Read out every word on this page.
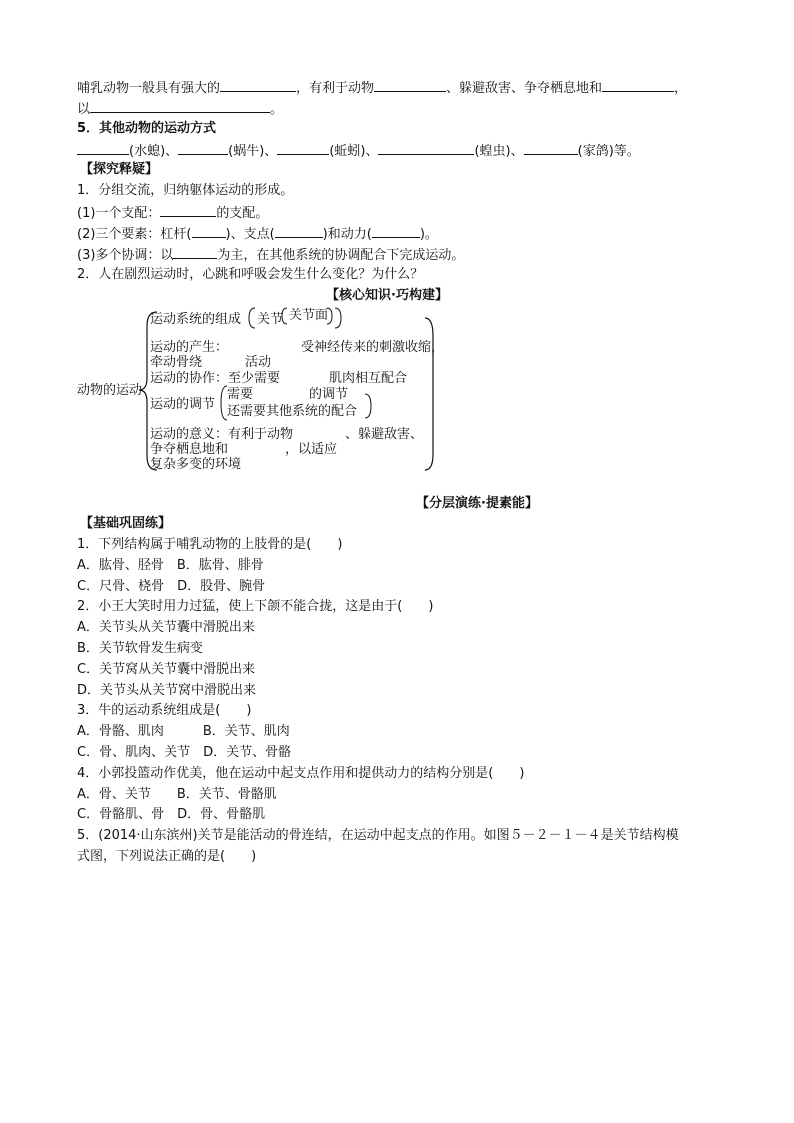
哺乳动物一般具有强大的	，有利于动物	、躲避敌害、争夺栖息地和	，
以	。
5．其他动物的运动方式
(水螅)、	(蜗牛)、	(蚯蚓)、	(蝗虫)、	(家鸽)等。
【探究释疑】
1．分组交流，归纳躯体运动的形成。
(1)一个支配：	的支配。
(2)三个要素：杠杆(	)、支点(	)和动力(	)。
(3)多个协调：以	为主，在其他系统的协调配合下完成运动。
2．人在剧烈运动时，心跳和呼吸会发生什么变化？为什么？
【核心知识·巧构建】
动物的运动
运动系统的组成 关节 关节面
运动的产生：	受神经传来的刺激收缩，
牵动骨绕	活动
运动的协作：至少需要	肌肉相互配合
运动的调节
需要	的调节
还需要其他系统的配合
运动的意义：有利于动物	、躲避敌害、
争夺栖息地和	，以适应
复杂多变的环境
【分层演练·提素能】
【基础巩固练】
1．下列结构属于哺乳动物的上肢骨的是(　　)
A．肱骨、胫骨　B．肱骨、腓骨
C．尺骨、桡骨　D．股骨、腕骨
2．小王大笑时用力过猛，使上下颌不能合拢，这是由于(　　)
A．关节头从关节囊中滑脱出来
B．关节软骨发生病变
C．关节窝从关节囊中滑脱出来
D．关节头从关节窝中滑脱出来
3．牛的运动系统组成是(　　)
A．骨骼、肌肉　　　B．关节、肌肉
C．骨、肌肉、关节　D．关节、骨骼
4．小郭投篮动作优美，他在运动中起支点作用和提供动力的结构分别是(　　)
A．骨、关节　　B．关节、骨骼肌
C．骨骼肌、骨　D．骨、骨骼肌
5．(2014·山东滨州)关节是能活动的骨连结，在运动中起支点的作用。如图５－２－１－４是关节结构模
式图，下列说法正确的是(　　)
